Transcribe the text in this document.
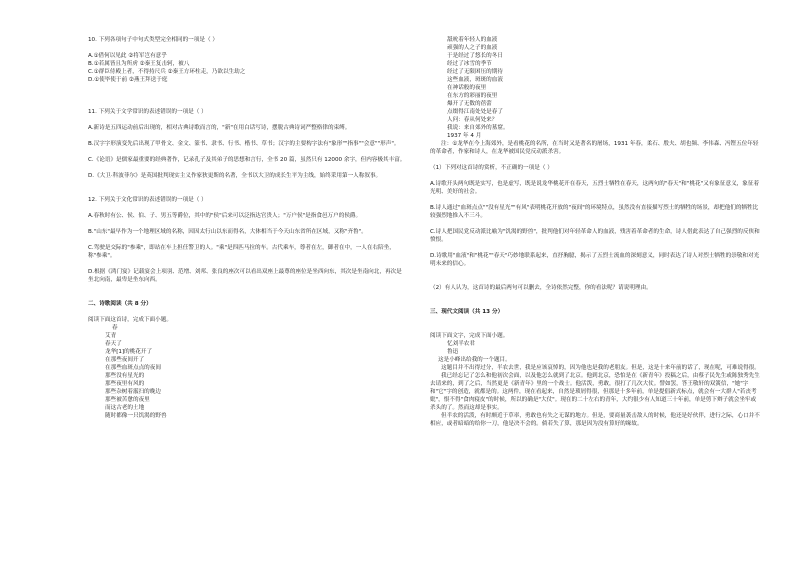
10. 下列各项句子中句式类型完全相同的一项是（ ）
A.①借何以见此 ②将军岂有意乎
B.①若属皆且为所虏 ②秦王复击轲，被八
C.①群臣侍殿上者，不得持尺兵 ②秦王方环柱走，乃欲以生劫之
D.①使毕使于前 ②燕王拜送于庭
11. 下列关于文学常识的表述错误的一项是（ ）
A.新诗是五四运动前后出现的，相对古典诗歌而言的，"新"在用白话写诗，摆脱古典诗词严整格律的束缚。
B.汉字字形演变先后出现了甲骨文、金文、篆书、隶书、行书、楷书、草书；汉字的主要构字法有"象形""指事""会意""形声"。
C.《论语》是儒家最重要的经典著作，记录孔子及其弟子的思想和言行，全书 20 篇，虽然只有 12000 余字，但内容极其丰富。
D.《大卫·科波菲尔》是英国批判现实主义作家狄更斯的名著，全书以大卫的成长生平为主线，始终采用第一人称叙事。
12. 下列关于文化常识的表述错误的一项是（ ）
A.春秋时有公、侯、伯、子、男五等爵位，其中的"侯"后来可以泛指达官贵人；"万户侯"是指食邑万户的侯爵。
B."山东"最早作为一个地理区域的名称，因因太行山以东而得名，大体相当于今天山东省所在区域，又称"齐鲁"。
C.驾驶是交际的"参乘"，即站在车上担任警卫的人。"乘"是四匹马拉的车。古代乘车，尊者在左，御者在中，一人在右陪坐，称"参乘"。
D.根据《鸿门宴》记载宴会上项羽、范增、刘邦、张良的座次可以看出双座上最尊的座位是坐西向东，其次是坐南向北，再次是坐北向南，最卑是坐东向西。
二、诗歌阅读（共 8 分）
阅读下面这首诗，完成下面小题。
春
艾青
春天了
龙华[1]的桃花开了
在那些夜间开了
在那些血斑点点的夜间
那些没有星光的
那些夜里有风的
那些杂树着霰扫的晚边
那些被苦惫的夜里
而这古老的土地
随时都像一只饥渴的野兽
舐吮着年轻人的血液
顽强的人之子的血液
于是经过了悠长的冬日
经过了冰雪的季节
经过了无限困压的期待
这些血液，斑斑的血液
在神话般的夜里
在东方的彩丽的夜里
爆开了无数的蓓蕾
点缀得江南处处是春了
人问：春从何处来？
我说：来自郊外的墓窟。
1937 年 4 月
注：①龙华在今上海郊外，是看桃花的名所，在当时又是著名的屠场，1931 年春，柔石、殷夫、胡也频、李伟森、冯铿五位年轻的革命者，作家和诗人，在龙华被国民党反动派杀害。
（1）下列对这首诗的赏析，不正确的一项是（ ）
A.诗歌开头两句既是实写，也是虚写，既是说龙华桃花开在春天，五烈士牺牲在春天，这两句的"春天"和"桃花"又有象征意义，象征着光明、美好的社会。
B.诗人通过"血斑点点""没有星光""有风"表明桃花开放的"夜间"的环境特点，虽然没有直接描写烈士的牺牲的场景，却把他们的牺牲比较强烈地推入不三斗。
C.诗人把国民党反动派比喻为"饥渴的野兽"，批判他们对年轻革命人的血液，残害着革命者的生命，诗人借此表达了自己强烈的反侠和愤恨。
D.诗歌用"血液"和"桃花""春天"巧妙地联系起来，直抒胸臆，揭示了五烈士流血的深刻意义，同时表达了诗人对烈士牺牲的崇敬和对光明未来的信心。
（2）有人认为，这首诗的最后两句可以删去，全诗依然完整，你的看法呢？请说明理由。
三、现代文阅读（共 13 分）
阅读下面文字，完成下面小题。
忆刘半农君
鲁迅
这是小峰出给我的一个题目。
这题目并不出得过分，半农去世，我是应该哀悼的，因为他也是我的老朋友。但是，这是十来年前的话了，现在呢，可难说得很。
我已经忘记了怎么和他初次会面，以及他怎么就到了北京。他到北京，恐怕是在《新青年》投稿之后，由蔡子民先生或陈独秀先生去请来的，到了之后，当然更是《新青年》里的一个战士。他活泼，勇敢，很打了几次大仗。譬如罢，答王敬轩的双簧信，"她"字和"它"字的创造，就都是的。这两件，现在看起来，自然是琐屑得很，但那是十多年前，单是提倡新式标点，就会有一大群人"若丧考妣"，恨不得"食肉寝皮"的时候，所以的确是"大仗"。现在的二十左右的青年，大约很少有人知道三十年前，单是剪下辫子就会坐牢或杀头的了。然而这却是事实。
但半农的活泼，有时颇近于草率，勇敢也有失之无谋的地方。但是，要商量袭击敌人的时候，他还是好伙伴，进行之际，心口并不相应，或者暗暗的给你一刀，他是决不会的。倘若失了算，那是因为没有算好的缘故。
